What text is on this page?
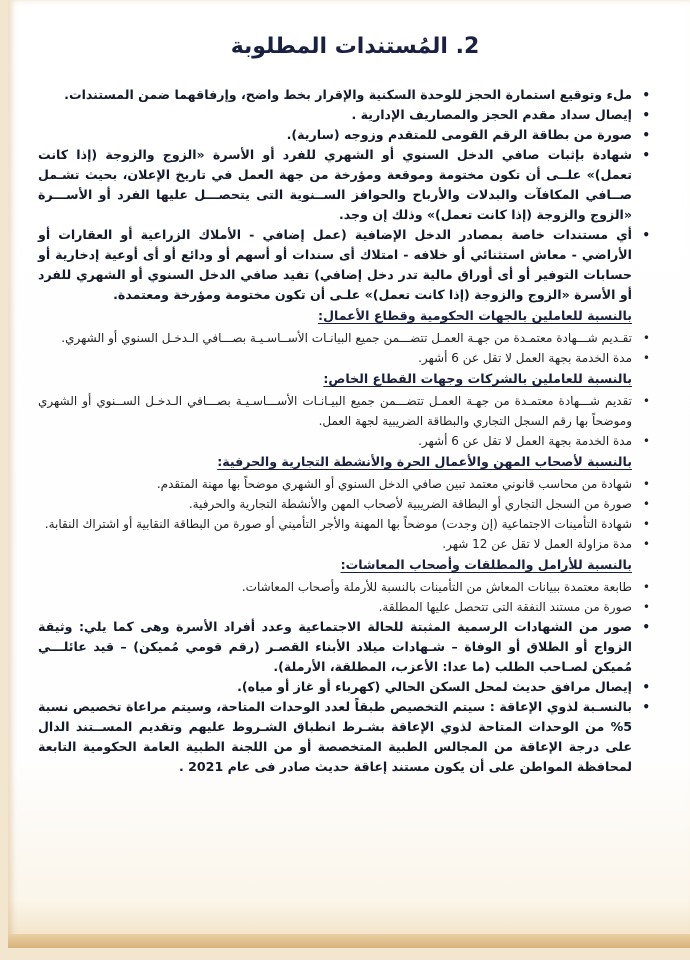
2. المُستندات المطلوبة
•
ملء وتوقيع استمارة الحجز للوحدة السكنية والإقرار بخط واضح، وإرفاقهما ضمن المستندات.
•
إيصال سداد مقدم الحجز والمصاريف الإدارية .
•
صورة من بطاقة الرقم القومى للمتقدم وزوجه (سارية).
•
شهادة بإثبات صافي الدخل السنوي أو الشهري للفرد أو الأسرة «الزوج والزوجة (إذا كانت تعمل)» علــى أن تكون مختومة وموقعة ومؤرخة من جهة العمل في تاريخ الإعلان، بحيث تشـمل صــافي المكافآت والبدلات والأرباح والحوافز الســنوية التى يتحصـــل عليها الفرد أو الأســـرة «الزوج والزوجة (إذا كانت تعمل)» وذلك إن وجد.
•
أي مستندات خاصة بمصادر الدخل الإضافية (عمل إضافي - الأملاك الزراعية أو العقارات أو الأراضي - معاش استثنائي أو خلافه - امتلاك أى سندات أو أسهم أو ودائع أو أى أوعية إدخارية أو حسابات التوفير أو أى أوراق مالية تدر دخل إضافي) تفيد صافي الدخل السنوي أو الشهري للفرد أو الأسرة «الزوج والزوجة (إذا كانت تعمل)» علـى أن تكون مختومة ومؤرخة ومعتمدة.
بالنسبة للعاملين بالجهات الحكومية وقطاع الأعمال:
•
تقـديم شـــهادة معتمـدة من جهـة العمـل تتضـــمن جميع البيانـات الأســاسـيـة بصـــافي الـدخـل السنوي أو الشهري.
•
مدة الخدمة بجهة العمل لا تقل عن 6 أشهر.
بالنسبة للعاملين بالشركات وجهات القطاع الخاص:
•
تقديم شـــهادة معتمـدة من جهـة العمـل تتضـــمن جميع البيـانـات الأســـاسـيـة بصـــافي الـدخـل الســنوي أو الشهري وموضحاً بها رقم السجل التجاري والبطاقة الضريبية لجهة العمل.
•
مدة الخدمة بجهة العمل لا تقل عن 6 أشهر.
بالنسبة لأصحاب المهن والأعمال الحرة والأنشطة التجارية والحرفية:
•
شهادة من محاسب قانوني معتمد تبين صافي الدخل السنوي أو الشهري موضحاً بها مهنة المتقدم.
•
صورة من السجل التجاري أو البطاقة الضريبية لأصحاب المهن والأنشطة التجارية والحرفية.
•
شهادة التأمينات الاجتماعية (إن وجدت) موضحاً بها المهنة والأجر التأميني أو صورة من البطاقة النقابية أو اشتراك النقابة.
•
مدة مزاولة العمل لا تقل عن 12 شهر.
بالنسبة للأرامل والمطلقات وأصحاب المعاشات:
•
طابعة معتمدة ببيانات المعاش من التأمينات بالنسبة للأرملة وأصحاب المعاشات.
•
صورة من مستند النفقة التى تتحصل عليها المطلقة.
•
صور من الشهادات الرسمية المثبتة للحالة الاجتماعية وعدد أفراد الأسرة وهى كما يلي: وثيقة الزواج أو الطلاق أو الوفاة – شـهادات ميلاد الأبناء القصـر (رقم قومي مُميكن) – قيد عائلـــي مُميكن لصـاحب الطلب (ما عدا: الأعزب، المطلقة، الأرملة).
•
إيصال مرافق حديث لمحل السكن الحالي (كهرباء أو غاز أو مياه).
•
بالنسـبة لذوي الإعاقة : سيتم التخصيص طبقاً لعدد الوحدات المتاحة، وسيتم مراعاة تخصيص نسبة 5% من الوحدات المتاحة لذوي الإعاقة بشـرط انطباق الشـروط عليهم وتقديم المســتند الدال على درجة الإعاقة من المجالس الطبية المتخصصة أو من اللجنة الطبية العامة الحكومية التابعة لمحافظة المواطن على أن يكون مستند إعاقة حديث صادر فى عام 2021 .
